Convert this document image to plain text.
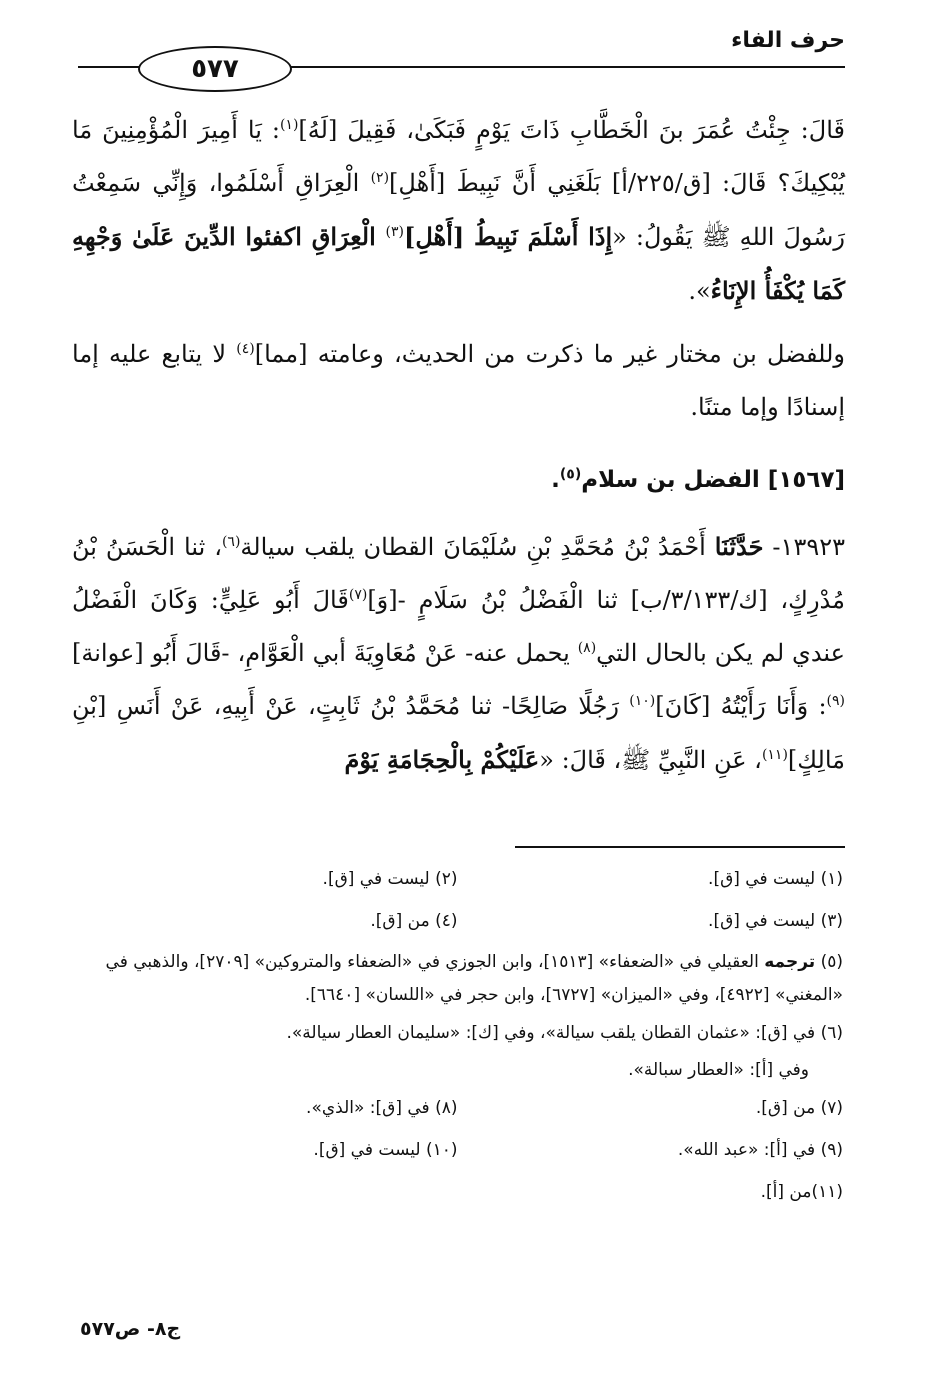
حرف الفاء
٥٧٧

قَالَ: جِئْتُ عُمَرَ بنَ الْخَطَّابِ ذَاتَ يَوْمٍ فَبَكَىٰ، فَقِيلَ [لَهُ]$^{(١)}$: يَا أَمِيرَ الْمُؤْمِنِينَ مَا يُبْكِيكَ؟ قَالَ: [ق/٢٢٥/أ] بَلَغَنِي أَنَّ نَبِيطَ [أَهْلِ]$^{(٢)}$ الْعِرَاقِ أَسْلَمُوا، وَإِنِّي سَمِعْتُ رَسُولَ اللهِ ﷺ يَقُولُ: «إِذَا أَسْلَمَ نَبِيطُ [أَهْلِ]$^{(٣)}$ الْعِرَاقِ اكفئوا الدِّينَ عَلَىٰ وَجْهِهِ كَمَا يُكْفَأُ الإِنَاءُ».

وللفضل بن مختار غير ما ذكرت من الحديث، وعامته [مما]$^{(٤)}$ لا يتابع عليه إما إسنادًا وإما متنًا.

[١٥٦٧] الفضل بن سلام$^{(٥)}$.

١٣٩٢٣- حَدَّثَنَا أَحْمَدُ بْنُ مُحَمَّدِ بْنِ سُلَيْمَانَ القطان يلقب سيالة$^{(٦)}$، ثنا الْحَسَنُ بْنُ مُدْرِكٍ، [ك/٣/١٣٣/ب] ثنا الْفَضْلُ بْنُ سَلَامٍ -[وَ]$^{(٧)}$قَالَ أَبُو عَلِيٍّ: وَكَانَ الْفَضْلُ عندي لم يكن بالحال التي$^{(٨)}$ يحمل عنه- عَنْ مُعَاوِيَةَ أبي الْعَوَّامِ، -قَالَ أَبُو [عوانة]$^{(٩)}$: وَأَنَا رَأَيْتُهُ [كَانَ]$^{(١٠)}$ رَجُلًا صَالِحًا- ثنا مُحَمَّدُ بْنُ ثَابِتٍ، عَنْ أَبِيهِ، عَنْ أَنَسِ [بْنِ مَالِكٍ]$^{(١١)}$، عَنِ النَّبِيِّ ﷺ، قَالَ: «عَلَيْكُمْ بِالْحِجَامَةِ يَوْمَ

(١) ليست في [ق].
(٢) ليست في [ق].
(٣) ليست في [ق].
(٤) من [ق].
(٥) ترجمه العقيلي في «الضعفاء» [١٥١٣]، وابن الجوزي في «الضعفاء والمتروكين» [٢٧٠٩]، والذهبي في «المغني» [٤٩٢٢]، وفي «الميزان» [٦٧٢٧]، وابن حجر في «اللسان» [٦٦٤٠].
(٦) في [ق]: «عثمان القطان يلقب سيالة»، وفي [ك]: «سليمان العطار سيالة».
وفي [أ]: «العطار سبالة».
(٧) من [ق].
(٨) في [ق]: «الذي».
(٩) في [أ]: «عبد الله».
(١٠) ليست في [ق].
(١١)من [أ].
ج٨- ص٥٧٧
